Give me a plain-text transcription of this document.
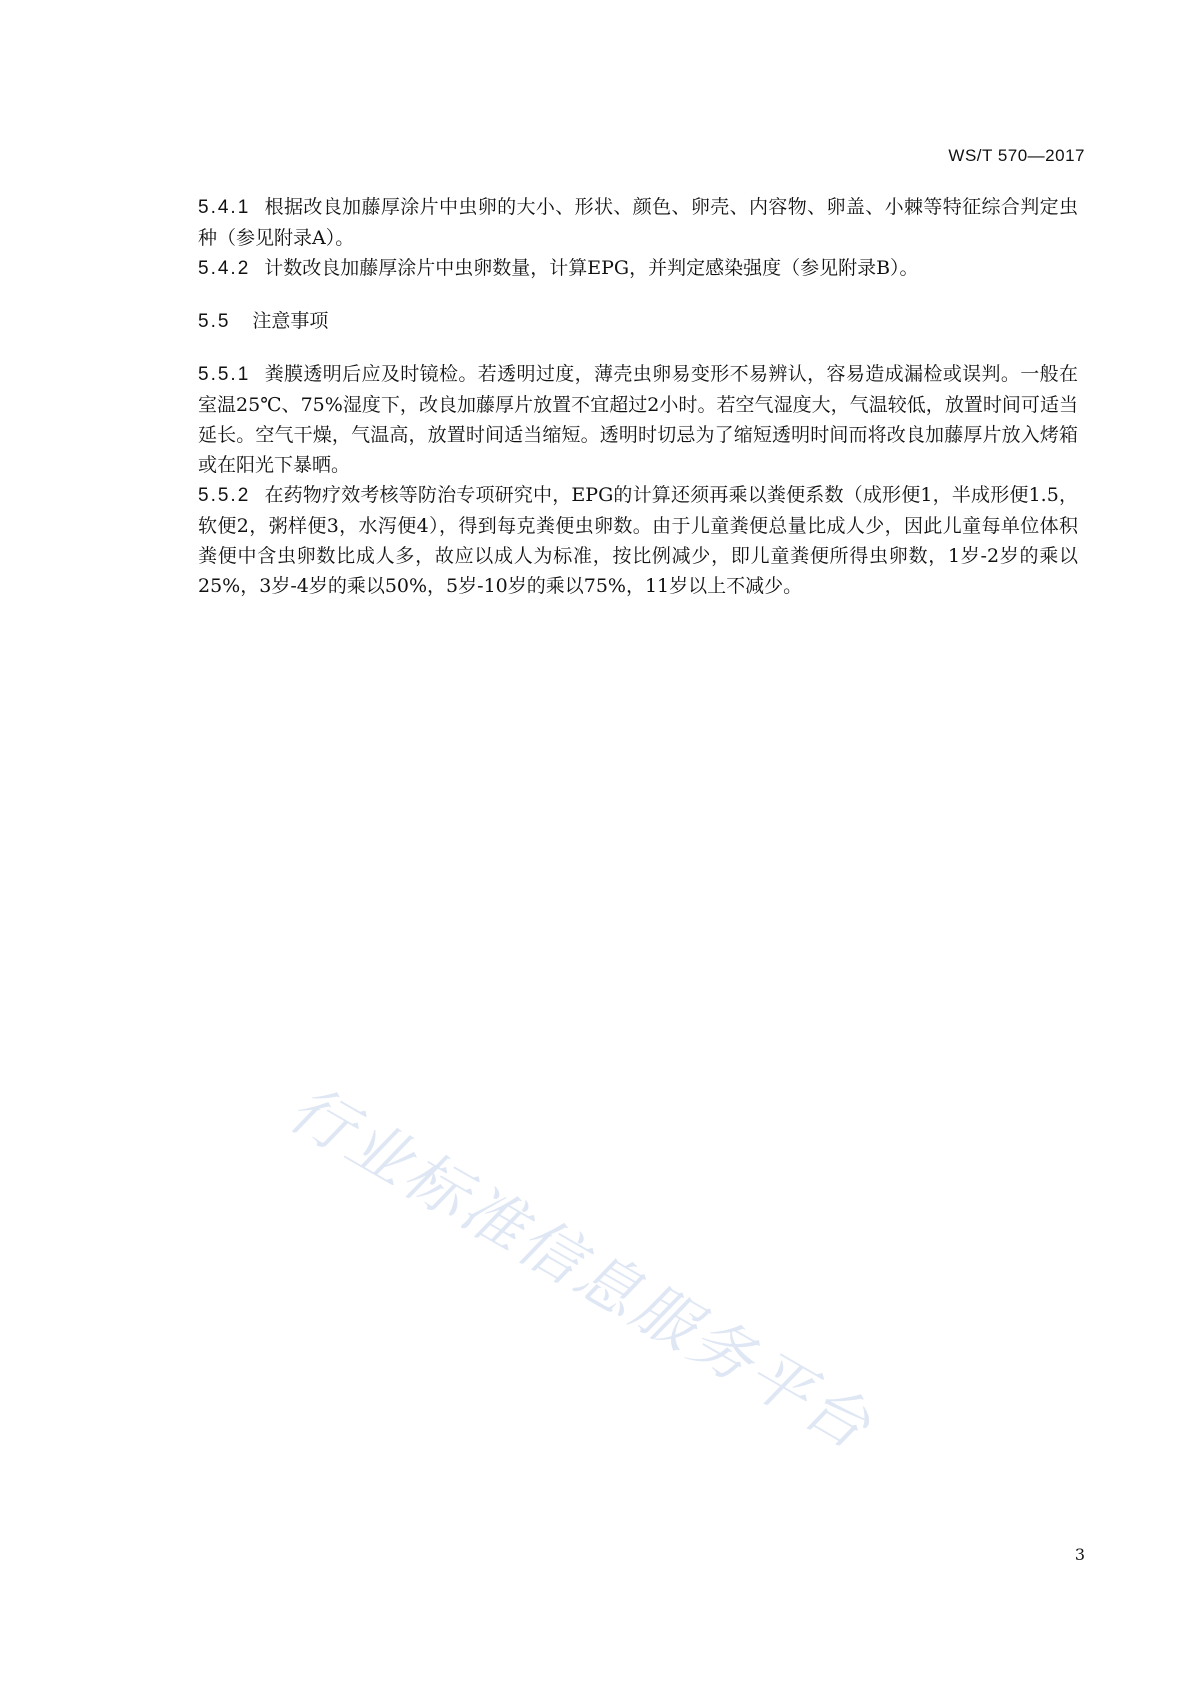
WS/T 570—2017

5.4.1 根据改良加藤厚涂片中虫卵的大小、形状、颜色、卵壳、内容物、卵盖、小棘等特征综合判定虫种（参见附录A）。

5.4.2 计数改良加藤厚涂片中虫卵数量，计算EPG，并判定感染强度（参见附录B）。

5.5 注意事项

5.5.1 粪膜透明后应及时镜检。若透明过度，薄壳虫卵易变形不易辨认，容易造成漏检或误判。一般在室温25℃、75%湿度下，改良加藤厚片放置不宜超过2小时。若空气湿度大，气温较低，放置时间可适当延长。空气干燥，气温高，放置时间适当缩短。透明时切忌为了缩短透明时间而将改良加藤厚片放入烤箱或在阳光下暴晒。

5.5.2 在药物疗效考核等防治专项研究中，EPG的计算还须再乘以粪便系数（成形便1，半成形便1.5，软便2，粥样便3，水泻便4），得到每克粪便虫卵数。由于儿童粪便总量比成人少，因此儿童每单位体积粪便中含虫卵数比成人多，故应以成人为标准，按比例减少，即儿童粪便所得虫卵数，1岁-2岁的乘以25%，3岁-4岁的乘以50%，5岁-10岁的乘以75%，11岁以上不减少。

行业标准信息服务平台
3
